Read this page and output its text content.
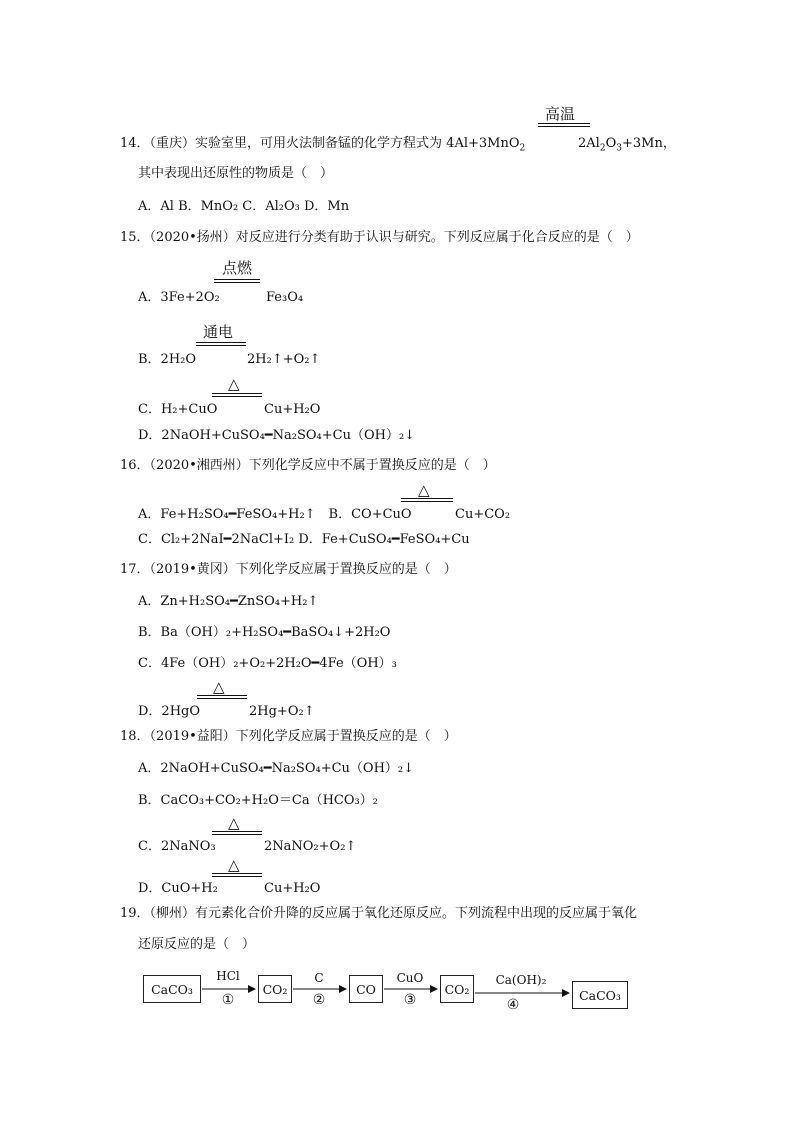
高温
14．（重庆）实验室里，可用火法制备锰的化学方程式为 4Al+3MnO$_2$	$2Al_2O_3+3Mn$，
其中表现出还原性的物质是（　）
A．Al B．MnO₂ C．Al₂O₃ D．Mn
15．（2020•扬州）对反应进行分类有助于认识与研究。下列反应属于化合反应的是（　）
点燃
A．3Fe+2O₂	Fe₃O₄
通电
B．2H₂O	2H₂↑+O₂↑
△
C．H₂+CuO	Cu+H₂O
D．2NaOH+CuSO₄━Na₂SO₄+Cu（OH）₂↓
16．（2020•湘西州）下列化学反应中不属于置换反应的是（　）
△
A．Fe+H₂SO₄━FeSO₄+H₂↑　B．CO+CuO	Cu+CO₂
C．Cl₂+2NaI━2NaCl+I₂ D．Fe+CuSO₄━FeSO₄+Cu
17．（2019•黄冈）下列化学反应属于置换反应的是（　）
A．Zn+H₂SO₄━ZnSO₄+H₂↑
B．Ba（OH）₂+H₂SO₄━BaSO₄↓+2H₂O
C．4Fe（OH）₂+O₂+2H₂O━4Fe（OH）₃
△
D．2HgO	2Hg+O₂↑
18．（2019•益阳）下列化学反应属于置换反应的是（　）
A．2NaOH+CuSO₄━Na₂SO₄+Cu（OH）₂↓
B．CaCO₃+CO₂+H₂O＝Ca（HCO₃）₂
△
C．2NaNO₃	2NaNO₂+O₂↑
△
D．CuO+H₂	Cu+H₂O
19．（柳州）有元素化合价升降的反应属于氧化还原反应。下列流程中出现的反应属于氧化
还原反应的是（　）
CaCO₃	CO₂	CO	CO₂	CaCO₃
HCl	C	CuO	Ca(OH)₂
①	②	③	④
